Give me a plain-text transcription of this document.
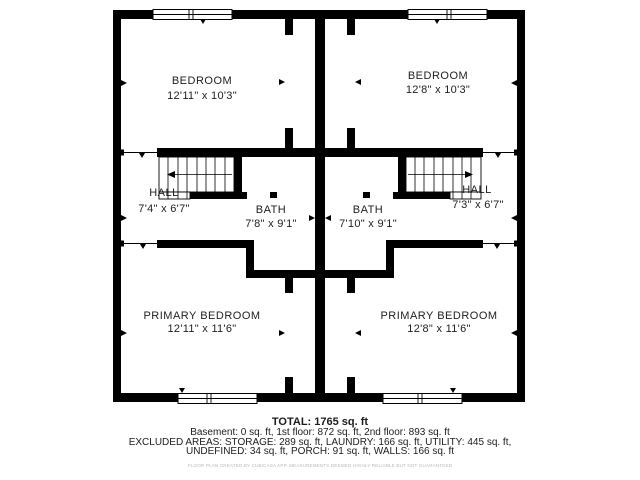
BEDROOM
12'11" x 10'3"
BEDROOM
12'8" x 10'3"
HALL
7'4" x 6'7"
HALL
7'3" x 6'7"
BATH
7'8" x 9'1"
BATH
7'10" x 9'1"
PRIMARY BEDROOM
12'11" x 11'6"
PRIMARY BEDROOM
12'8" x 11'6"
TOTAL: 1765 sq. ft
Basement: 0 sq. ft, 1st floor: 872 sq. ft, 2nd floor: 893 sq. ft
EXCLUDED AREAS: STORAGE: 289 sq. ft, LAUNDRY: 166 sq. ft, UTILITY: 445 sq. ft,
UNDEFINED: 34 sq. ft, PORCH: 91 sq. ft, WALLS: 166 sq. ft
FLOOR PLAN CREATED BY CUBICASA APP. MEASUREMENTS DEEMED HIGHLY RELIABLE BUT NOT GUARANTEED
